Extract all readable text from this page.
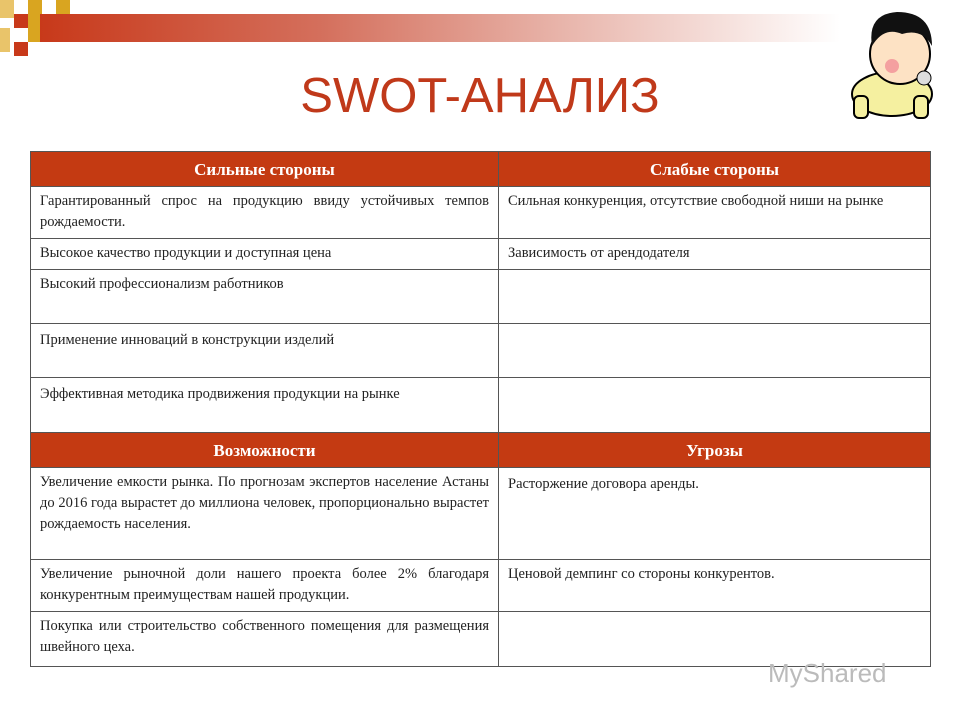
SWOT-АНАЛИЗ
Сильные стороны	Слабые стороны
Гарантированный спрос на продукцию ввиду устойчивых темпов рождаемости.	Сильная конкуренция, отсутствие свободной ниши на рынке
Высокое качество продукции и доступная цена	Зависимость от арендодателя
Высокий профессионализм работников	
Применение инноваций в конструкции изделий	
Эффективная методика продвижения продукции на рынке	
Возможности	Угрозы
Увеличение емкости рынка. По прогнозам экспертов население Астаны до 2016 года вырастет до миллиона человек, пропорционально вырастет рождаемость населения.	Расторжение договора аренды.
Увеличение рыночной доли нашего проекта более 2% благодаря конкурентным преимуществам нашей продукции.	Ценовой демпинг со стороны конкурентов.
Покупка или строительство собственного помещения для размещения швейного цеха.	
MyShared
